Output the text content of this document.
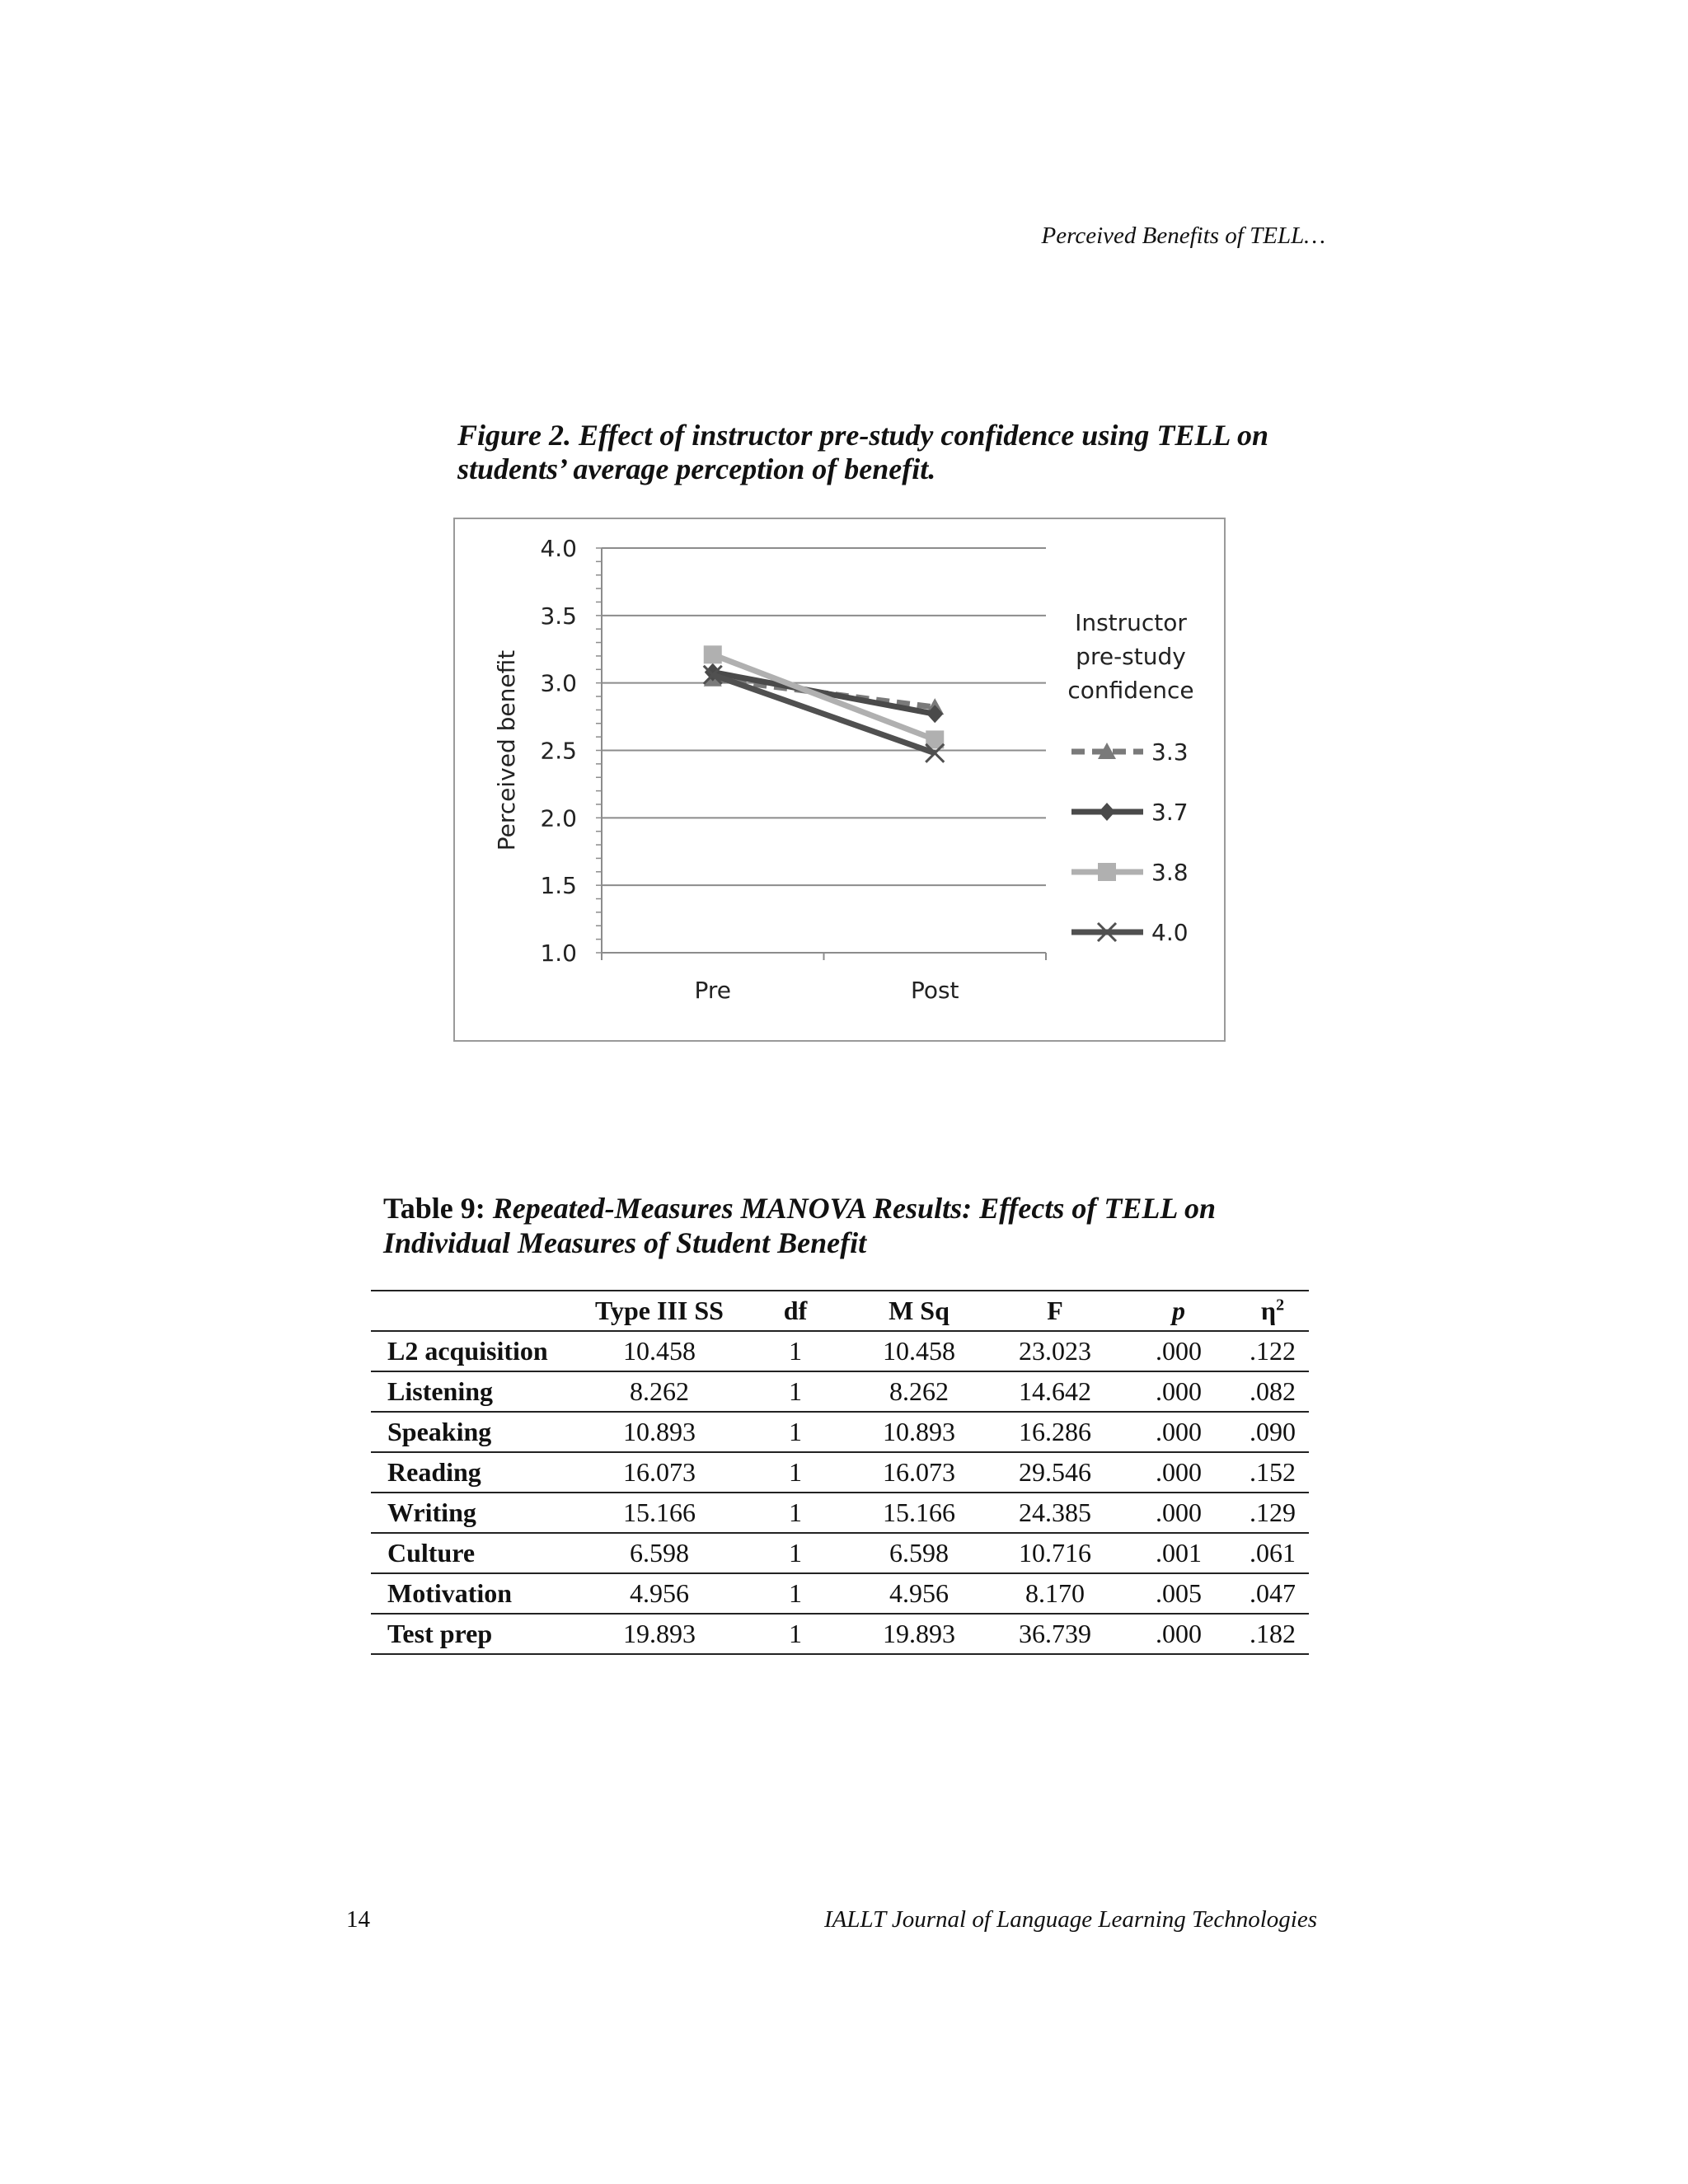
Perceived Benefits of TELL…
Figure 2. Effect of instructor pre-study confidence using TELL on
students’ average perception of benefit.
1.0
1.5
2.0
2.5
3.0
3.5
4.0
Pre	Post
Perceived benefit
Instructor
pre-study
confidence
3.3
3.7
3.8
4.0
Table 9: Repeated-Measures MANOVA Results: Effects of TELL on
Individual Measures of Student Benefit
	Type III SS	df	M Sq	F	p	$\eta^2$
L2 acquisition	10.458	1	10.458	23.023	.000	.122
Listening	8.262	1	8.262	14.642	.000	.082
Speaking	10.893	1	10.893	16.286	.000	.090
Reading	16.073	1	16.073	29.546	.000	.152
Writing	15.166	1	15.166	24.385	.000	.129
Culture	6.598	1	6.598	10.716	.001	.061
Motivation	4.956	1	4.956	8.170	.005	.047
Test prep	19.893	1	19.893	36.739	.000	.182
14	IALLT Journal of Language Learning Technologies
